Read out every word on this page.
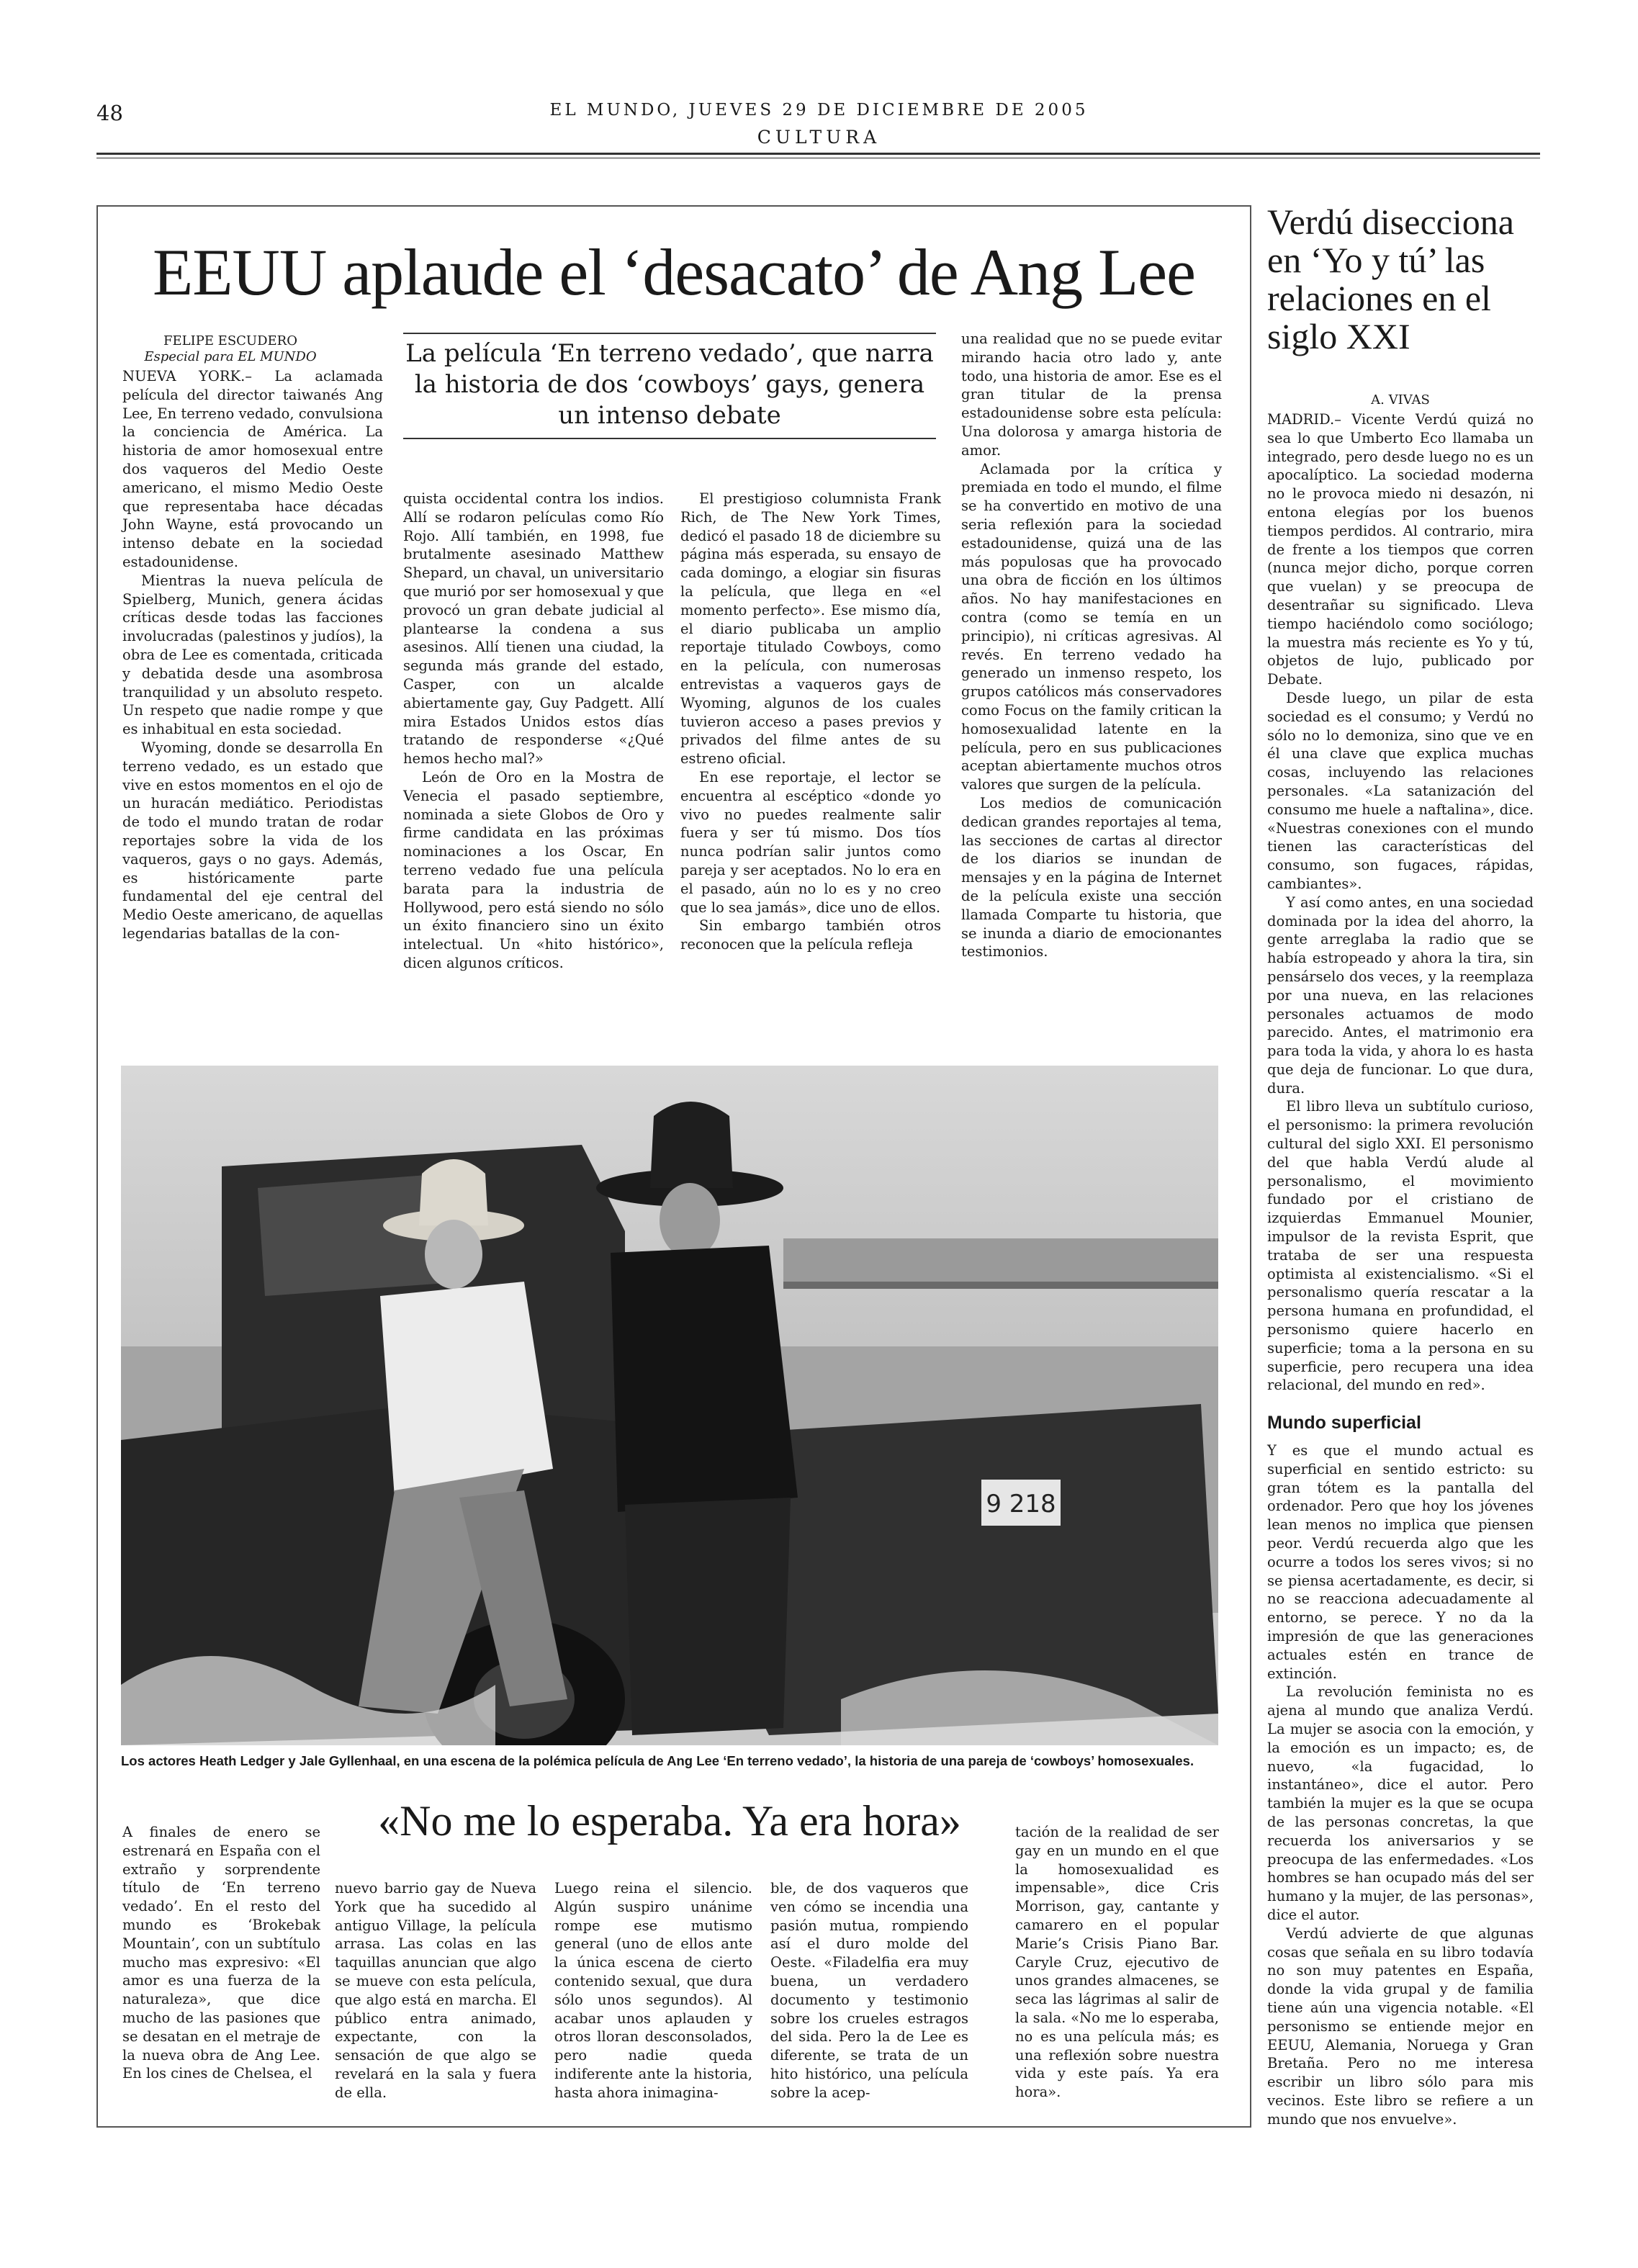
48	EL MUNDO, JUEVES 29 DE DICIEMBRE DE 2005
CULTURA
EEUU aplaude el ‘desacato’ de Ang Lee
FELIPE ESCUDERO
Especial para EL MUNDO	La película ‘En terreno vedado’, que narra la historia de dos ‘cowboys’ gays, genera un intenso debate

NUEVA YORK.– La aclamada película del director taiwanés Ang Lee, En terreno vedado, convulsiona la conciencia de América. La historia de amor homosexual entre dos vaqueros del Medio Oeste americano, el mismo Medio Oeste que representaba hace décadas John Wayne, está provocando un intenso debate en la sociedad estadounidense.

Mientras la nueva película de Spielberg, Munich, genera ácidas críticas desde todas las facciones involucradas (palestinos y judíos), la obra de Lee es comentada, criticada y debatida desde una asombrosa tranquilidad y un absoluto respeto. Un respeto que nadie rompe y que es inhabitual en esta sociedad.

Wyoming, donde se desarrolla En terreno vedado, es un estado que vive en estos momentos en el ojo de un huracán mediático. Periodistas de todo el mundo tratan de rodar reportajes sobre la vida de los vaqueros, gays o no gays. Además, es históricamente parte fundamental del eje central del Medio Oeste americano, de aquellas legendarias batallas de la con-

quista occidental contra los indios. Allí se rodaron películas como Río Rojo. Allí también, en 1998, fue brutalmente asesinado Matthew Shepard, un chaval, un universitario que murió por ser homosexual y que provocó un gran debate judicial al plantearse la condena a sus asesinos. Allí tienen una ciudad, la segunda más grande del estado, Casper, con un alcalde abiertamente gay, Guy Padgett. Allí mira Estados Unidos estos días tratando de responderse «¿Qué hemos hecho mal?»

León de Oro en la Mostra de Venecia el pasado septiembre, nominada a siete Globos de Oro y firme candidata en las próximas nominaciones a los Oscar, En terreno vedado fue una película barata para la industria de Hollywood, pero está siendo no sólo un éxito financiero sino un éxito intelectual. Un «hito histórico», dicen algunos críticos.

El prestigioso columnista Frank Rich, de The New York Times, dedicó el pasado 18 de diciembre su página más esperada, su ensayo de cada domingo, a elogiar sin fisuras la película, que llega en «el momento perfecto». Ese mismo día, el diario publicaba un amplio reportaje titulado Cowboys, como en la película, con numerosas entrevistas a vaqueros gays de Wyoming, algunos de los cuales tuvieron acceso a pases previos y privados del filme antes de su estreno oficial.

En ese reportaje, el lector se encuentra al escéptico «donde yo vivo no puedes realmente salir fuera y ser tú mismo. Dos tíos nunca podrían salir juntos como pareja y ser aceptados. No lo era en el pasado, aún no lo es y no creo que lo sea jamás», dice uno de ellos.

Sin embargo también otros reconocen que la película refleja

una realidad que no se puede evitar mirando hacia otro lado y, ante todo, una historia de amor. Ese es el gran titular de la prensa estadounidense sobre esta película: Una dolorosa y amarga historia de amor.

Aclamada por la crítica y premiada en todo el mundo, el filme se ha convertido en motivo de una seria reflexión para la sociedad estadounidense, quizá una de las más populosas que ha provocado una obra de ficción en los últimos años. No hay manifestaciones en contra (como se temía en un principio), ni críticas agresivas. Al revés. En terreno vedado ha generado un inmenso respeto, los grupos católicos más conservadores como Focus on the family critican la homosexualidad latente en la película, pero en sus publicaciones aceptan abiertamente muchos otros valores que surgen de la película.

Los medios de comunicación dedican grandes reportajes al tema, las secciones de cartas al director de los diarios se inundan de mensajes y en la página de Internet de la película existe una sección llamada Comparte tu historia, que se inunda a diario de emocionantes testimonios.

9 218
Los actores Heath Ledger y Jale Gyllenhaal, en una escena de la polémica película de Ang Lee ‘En terreno vedado’, la historia de una pareja de ‘cowboys’ homosexuales.
«No me lo esperaba. Ya era hora»

A finales de enero se estrenará en España con el extraño y sorprendente título de ‘En terreno vedado’. En el resto del mundo es ‘Brokebak Mountain’, con un subtítulo mucho mas expresivo: «El amor es una fuerza de la naturaleza», que dice mucho de las pasiones que se desatan en el metraje de la nueva obra de Ang Lee. En los cines de Chelsea, el

nuevo barrio gay de Nueva York que ha sucedido al antiguo Village, la película arrasa. Las colas en las taquillas anuncian que algo se mueve con esta película, que algo está en marcha. El público entra animado, expectante, con la sensación de que algo se revelará en la sala y fuera de ella.

Luego reina el silencio. Algún suspiro unánime rompe ese mutismo general (uno de ellos ante la única escena de cierto contenido sexual, que dura sólo unos segundos). Al acabar unos aplauden y otros lloran desconsolados, pero nadie queda indiferente ante la historia, hasta ahora inimagina-

ble, de dos vaqueros que ven cómo se incendia una pasión mutua, rompiendo así el duro molde del Oeste. «Filadelfia era muy buena, un verdadero documento y testimonio sobre los crueles estragos del sida. Pero la de Lee es diferente, se trata de un hito histórico, una película sobre la acep-

tación de la realidad de ser gay en un mundo en el que la homosexualidad es impensable», dice Cris Morrison, gay, cantante y camarero en el popular Marie’s Crisis Piano Bar. Caryle Cruz, ejecutivo de unos grandes almacenes, se seca las lágrimas al salir de la sala. «No me lo esperaba, no es una película más; es una reflexión sobre nuestra vida y este país. Ya era hora».

Verdú disecciona en ‘Yo y tú’ las relaciones en el siglo XXI
A. VIVAS

MADRID.– Vicente Verdú quizá no sea lo que Umberto Eco llamaba un integrado, pero desde luego no es un apocalíptico. La sociedad moderna no le provoca miedo ni desazón, ni entona elegías por los buenos tiempos perdidos. Al contrario, mira de frente a los tiempos que corren (nunca mejor dicho, porque corren que vuelan) y se preocupa de desentrañar su significado. Lleva tiempo haciéndolo como sociólogo; la muestra más reciente es Yo y tú, objetos de lujo, publicado por Debate.

Desde luego, un pilar de esta sociedad es el consumo; y Verdú no sólo no lo demoniza, sino que ve en él una clave que explica muchas cosas, incluyendo las relaciones personales. «La satanización del consumo me huele a naftalina», dice. «Nuestras conexiones con el mundo tienen las características del consumo, son fugaces, rápidas, cambiantes».

Y así como antes, en una sociedad dominada por la idea del ahorro, la gente arreglaba la radio que se había estropeado y ahora la tira, sin pensárselo dos veces, y la reemplaza por una nueva, en las relaciones personales actuamos de modo parecido. Antes, el matrimonio era para toda la vida, y ahora lo es hasta que deja de funcionar. Lo que dura, dura.

El libro lleva un subtítulo curioso, el personismo: la primera revolución cultural del siglo XXI. El personismo del que habla Verdú alude al personalismo, el movimiento fundado por el cristiano de izquierdas Emmanuel Mounier, impulsor de la revista Esprit, que trataba de ser una respuesta optimista al existencialismo. «Si el personalismo quería rescatar a la persona humana en profundidad, el personismo quiere hacerlo en superficie; toma a la persona en su superficie, pero recupera una idea relacional, del mundo en red».

Mundo superficial

Y es que el mundo actual es superficial en sentido estricto: su gran tótem es la pantalla del ordenador. Pero que hoy los jóvenes lean menos no implica que piensen peor. Verdú recuerda algo que les ocurre a todos los seres vivos; si no se piensa acertadamente, es decir, si no se reacciona adecuadamente al entorno, se perece. Y no da la impresión de que las generaciones actuales estén en trance de extinción.

La revolución feminista no es ajena al mundo que analiza Verdú. La mujer se asocia con la emoción, y la emoción es un impacto; es, de nuevo, «la fugacidad, lo instantáneo», dice el autor. Pero también la mujer es la que se ocupa de las personas concretas, la que recuerda los aniversarios y se preocupa de las enfermedades. «Los hombres se han ocupado más del ser humano y la mujer, de las personas», dice el autor.

Verdú advierte de que algunas cosas que señala en su libro todavía no son muy patentes en España, donde la vida grupal y de familia tiene aún una vigencia notable. «El personismo se entiende mejor en EEUU, Alemania, Noruega y Gran Bretaña. Pero no me interesa escribir un libro sólo para mis vecinos. Este libro se refiere a un mundo que nos envuelve».
